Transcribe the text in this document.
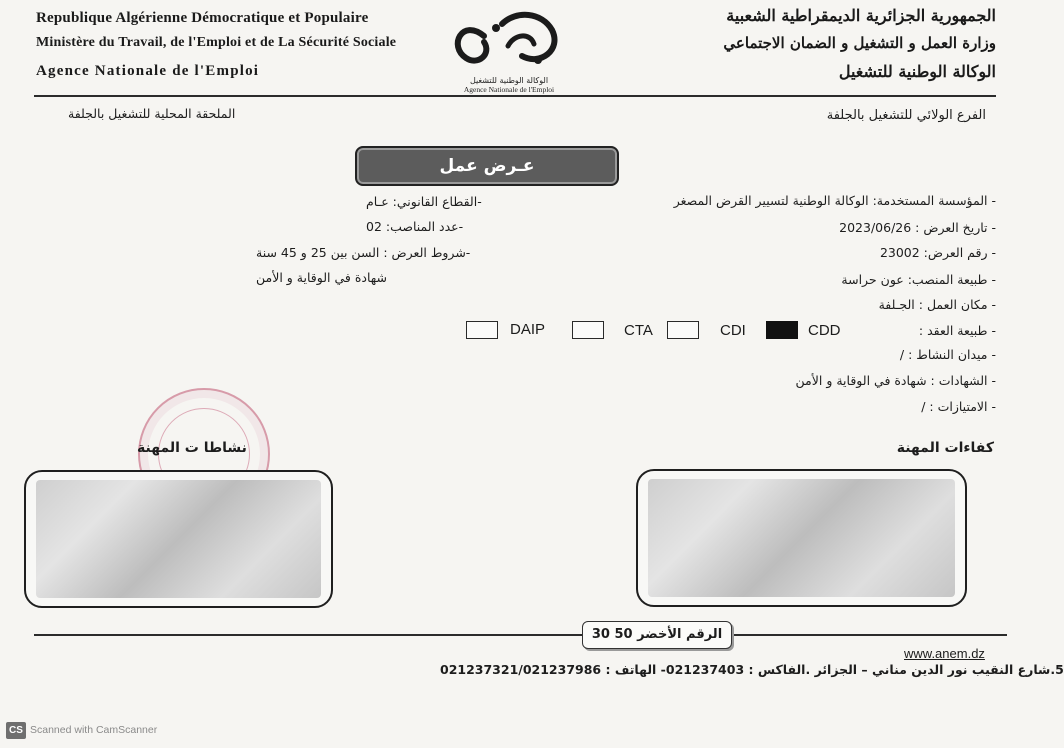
Republique Algérienne Démocratique et Populaire
Ministère du Travail, de l'Emploi et de La Sécurité Sociale
Agence Nationale de l'Emploi
الجمهورية الجزائرية الديمقراطية الشعبية
وزارة العمل و التشغيل و الضمان الاجتماعي
الوكالة الوطنية للتشغيل
الوكالة الوطنية للتشغيل
Agence Nationale de l'Emploi
الملحقة المحلية للتشغيل بالجلفة	الفرع الولائي للتشغيل بالجلفة
عـرض عمل
-القطاع القانوني: عـام
-عدد المناصب: 02
-شروط العرض : السن بين 25 و 45 سنة
شهادة في الوقاية و الأمن
- المؤسسة المستخدمة: الوكالة الوطنية لتسيير القرض المصغر
- تاريخ العرض : 2023/06/26
- رقم العرض: 23002
- طبيعة المنصب: عون حراسة
- مكان العمل : الجـلفة
- طبيعة العقد :
CDD
CDI
CTA
DAIP
- ميدان النشاط : /
- الشهادات : شهادة في الوقاية و الأمن
- الامتيازات : /
نشاطا ت المهنة	كفاءات المهنة
الرقم الأخضر 50 30
www.anem.dz
5.شارع النقيب نور الدين مناني – الجزائر .الفاكس : 021237403- الهاتف : 021237321/021237986
CS Scanned with CamScanner
